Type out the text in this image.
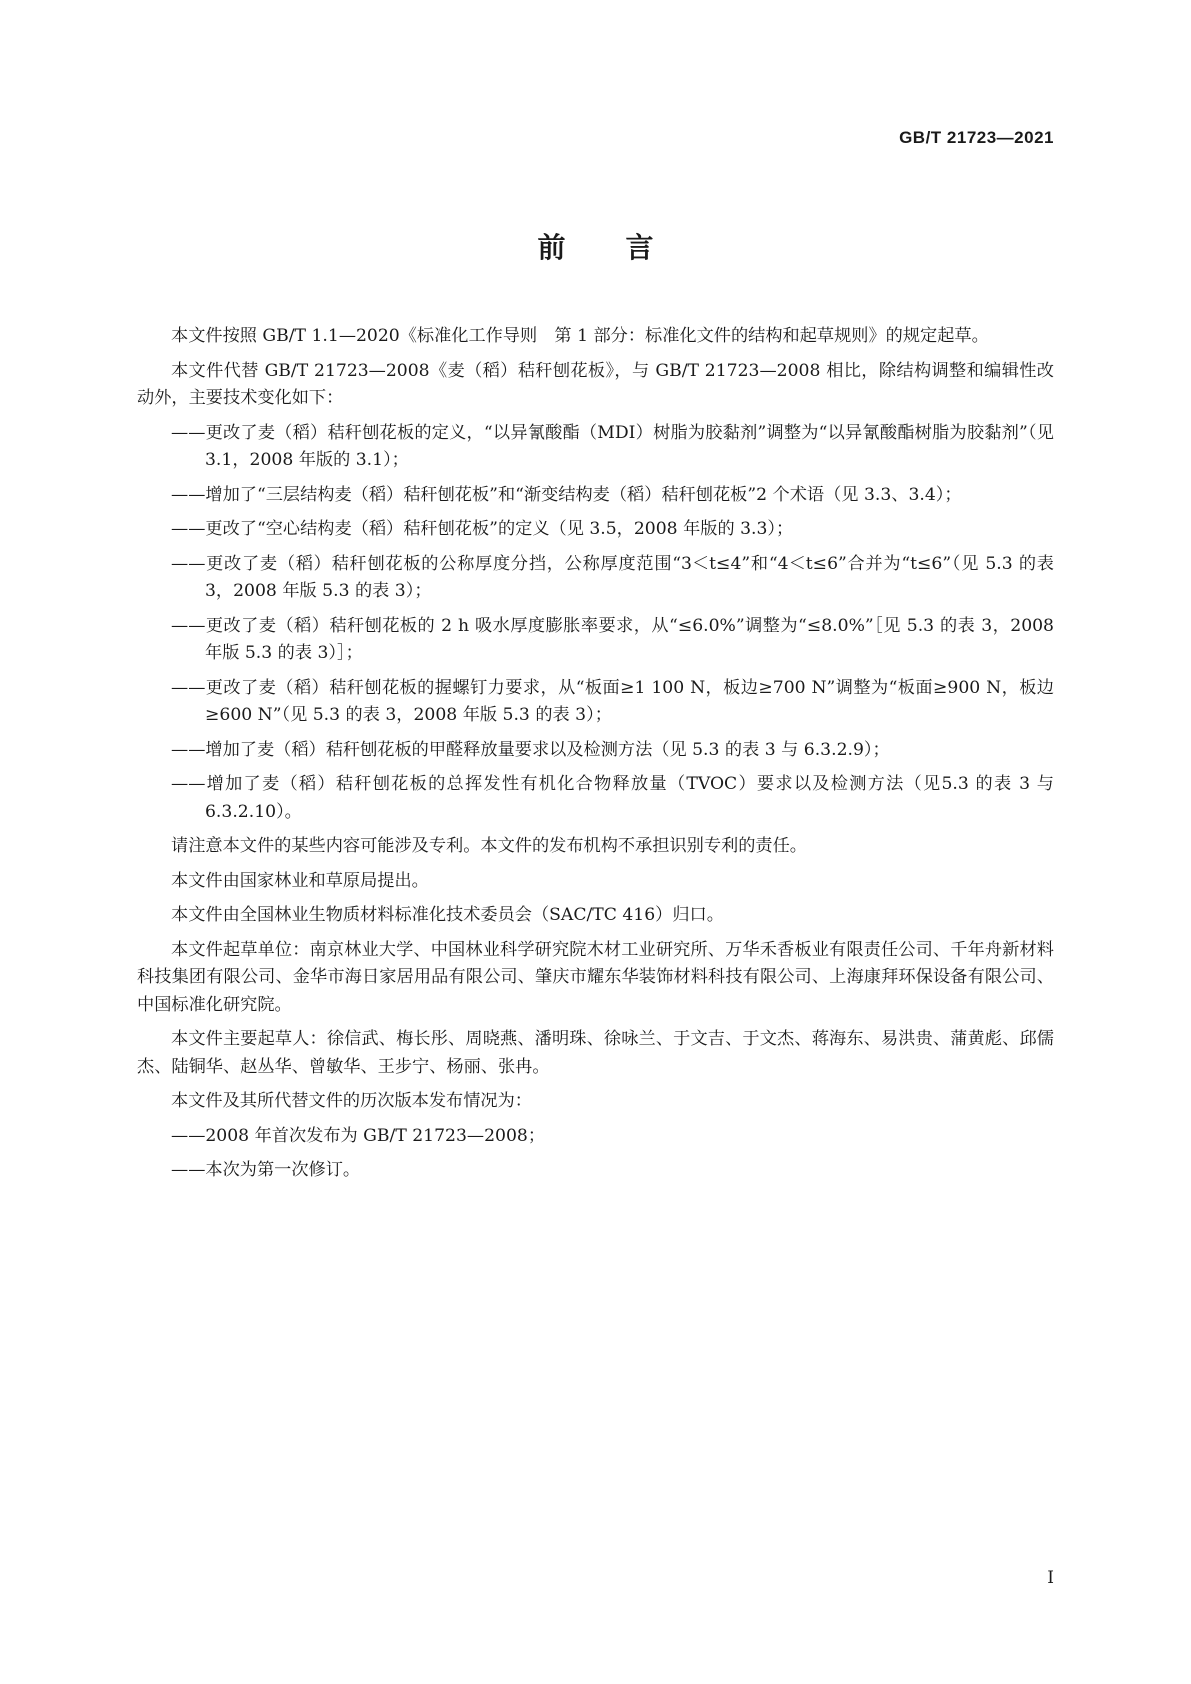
GB/T 21723—2021
前言

本文件按照 GB/T 1.1—2020《标准化工作导则　第 1 部分：标准化文件的结构和起草规则》的规定起草。

本文件代替 GB/T 21723—2008《麦（稻）秸秆刨花板》，与 GB/T 21723—2008 相比，除结构调整和编辑性改动外，主要技术变化如下：

——更改了麦（稻）秸秆刨花板的定义，“以异氰酸酯（MDI）树脂为胶黏剂”调整为“以异氰酸酯树脂为胶黏剂”（见 3.1，2008 年版的 3.1）；

——增加了“三层结构麦（稻）秸秆刨花板”和“渐变结构麦（稻）秸秆刨花板”2 个术语（见 3.3、3.4）；

——更改了“空心结构麦（稻）秸秆刨花板”的定义（见 3.5，2008 年版的 3.3）；

——更改了麦（稻）秸秆刨花板的公称厚度分挡，公称厚度范围“3＜t≤4”和“4＜t≤6”合并为“t≤6”（见 5.3 的表 3，2008 年版 5.3 的表 3）；

——更改了麦（稻）秸秆刨花板的 2 h 吸水厚度膨胀率要求，从“≤6.0%”调整为“≤8.0%”［见 5.3 的表 3，2008 年版 5.3 的表 3）］；

——更改了麦（稻）秸秆刨花板的握螺钉力要求，从“板面≥1 100 N，板边≥700 N”调整为“板面≥900 N，板边≥600 N”（见 5.3 的表 3，2008 年版 5.3 的表 3）；

——增加了麦（稻）秸秆刨花板的甲醛释放量要求以及检测方法（见 5.3 的表 3 与 6.3.2.9）；

——增加了麦（稻）秸秆刨花板的总挥发性有机化合物释放量（TVOC）要求以及检测方法（见5.3 的表 3 与 6.3.2.10）。

请注意本文件的某些内容可能涉及专利。本文件的发布机构不承担识别专利的责任。

本文件由国家林业和草原局提出。

本文件由全国林业生物质材料标准化技术委员会（SAC/TC 416）归口。

本文件起草单位：南京林业大学、中国林业科学研究院木材工业研究所、万华禾香板业有限责任公司、千年舟新材料科技集团有限公司、金华市海日家居用品有限公司、肇庆市耀东华装饰材料科技有限公司、上海康拜环保设备有限公司、中国标准化研究院。

本文件主要起草人：徐信武、梅长彤、周晓燕、潘明珠、徐咏兰、于文吉、于文杰、蒋海东、易洪贵、蒲黄彪、邱儒杰、陆铜华、赵丛华、曾敏华、王步宁、杨丽、张冉。

本文件及其所代替文件的历次版本发布情况为：

——2008 年首次发布为 GB/T 21723—2008；

——本次为第一次修订。

I
